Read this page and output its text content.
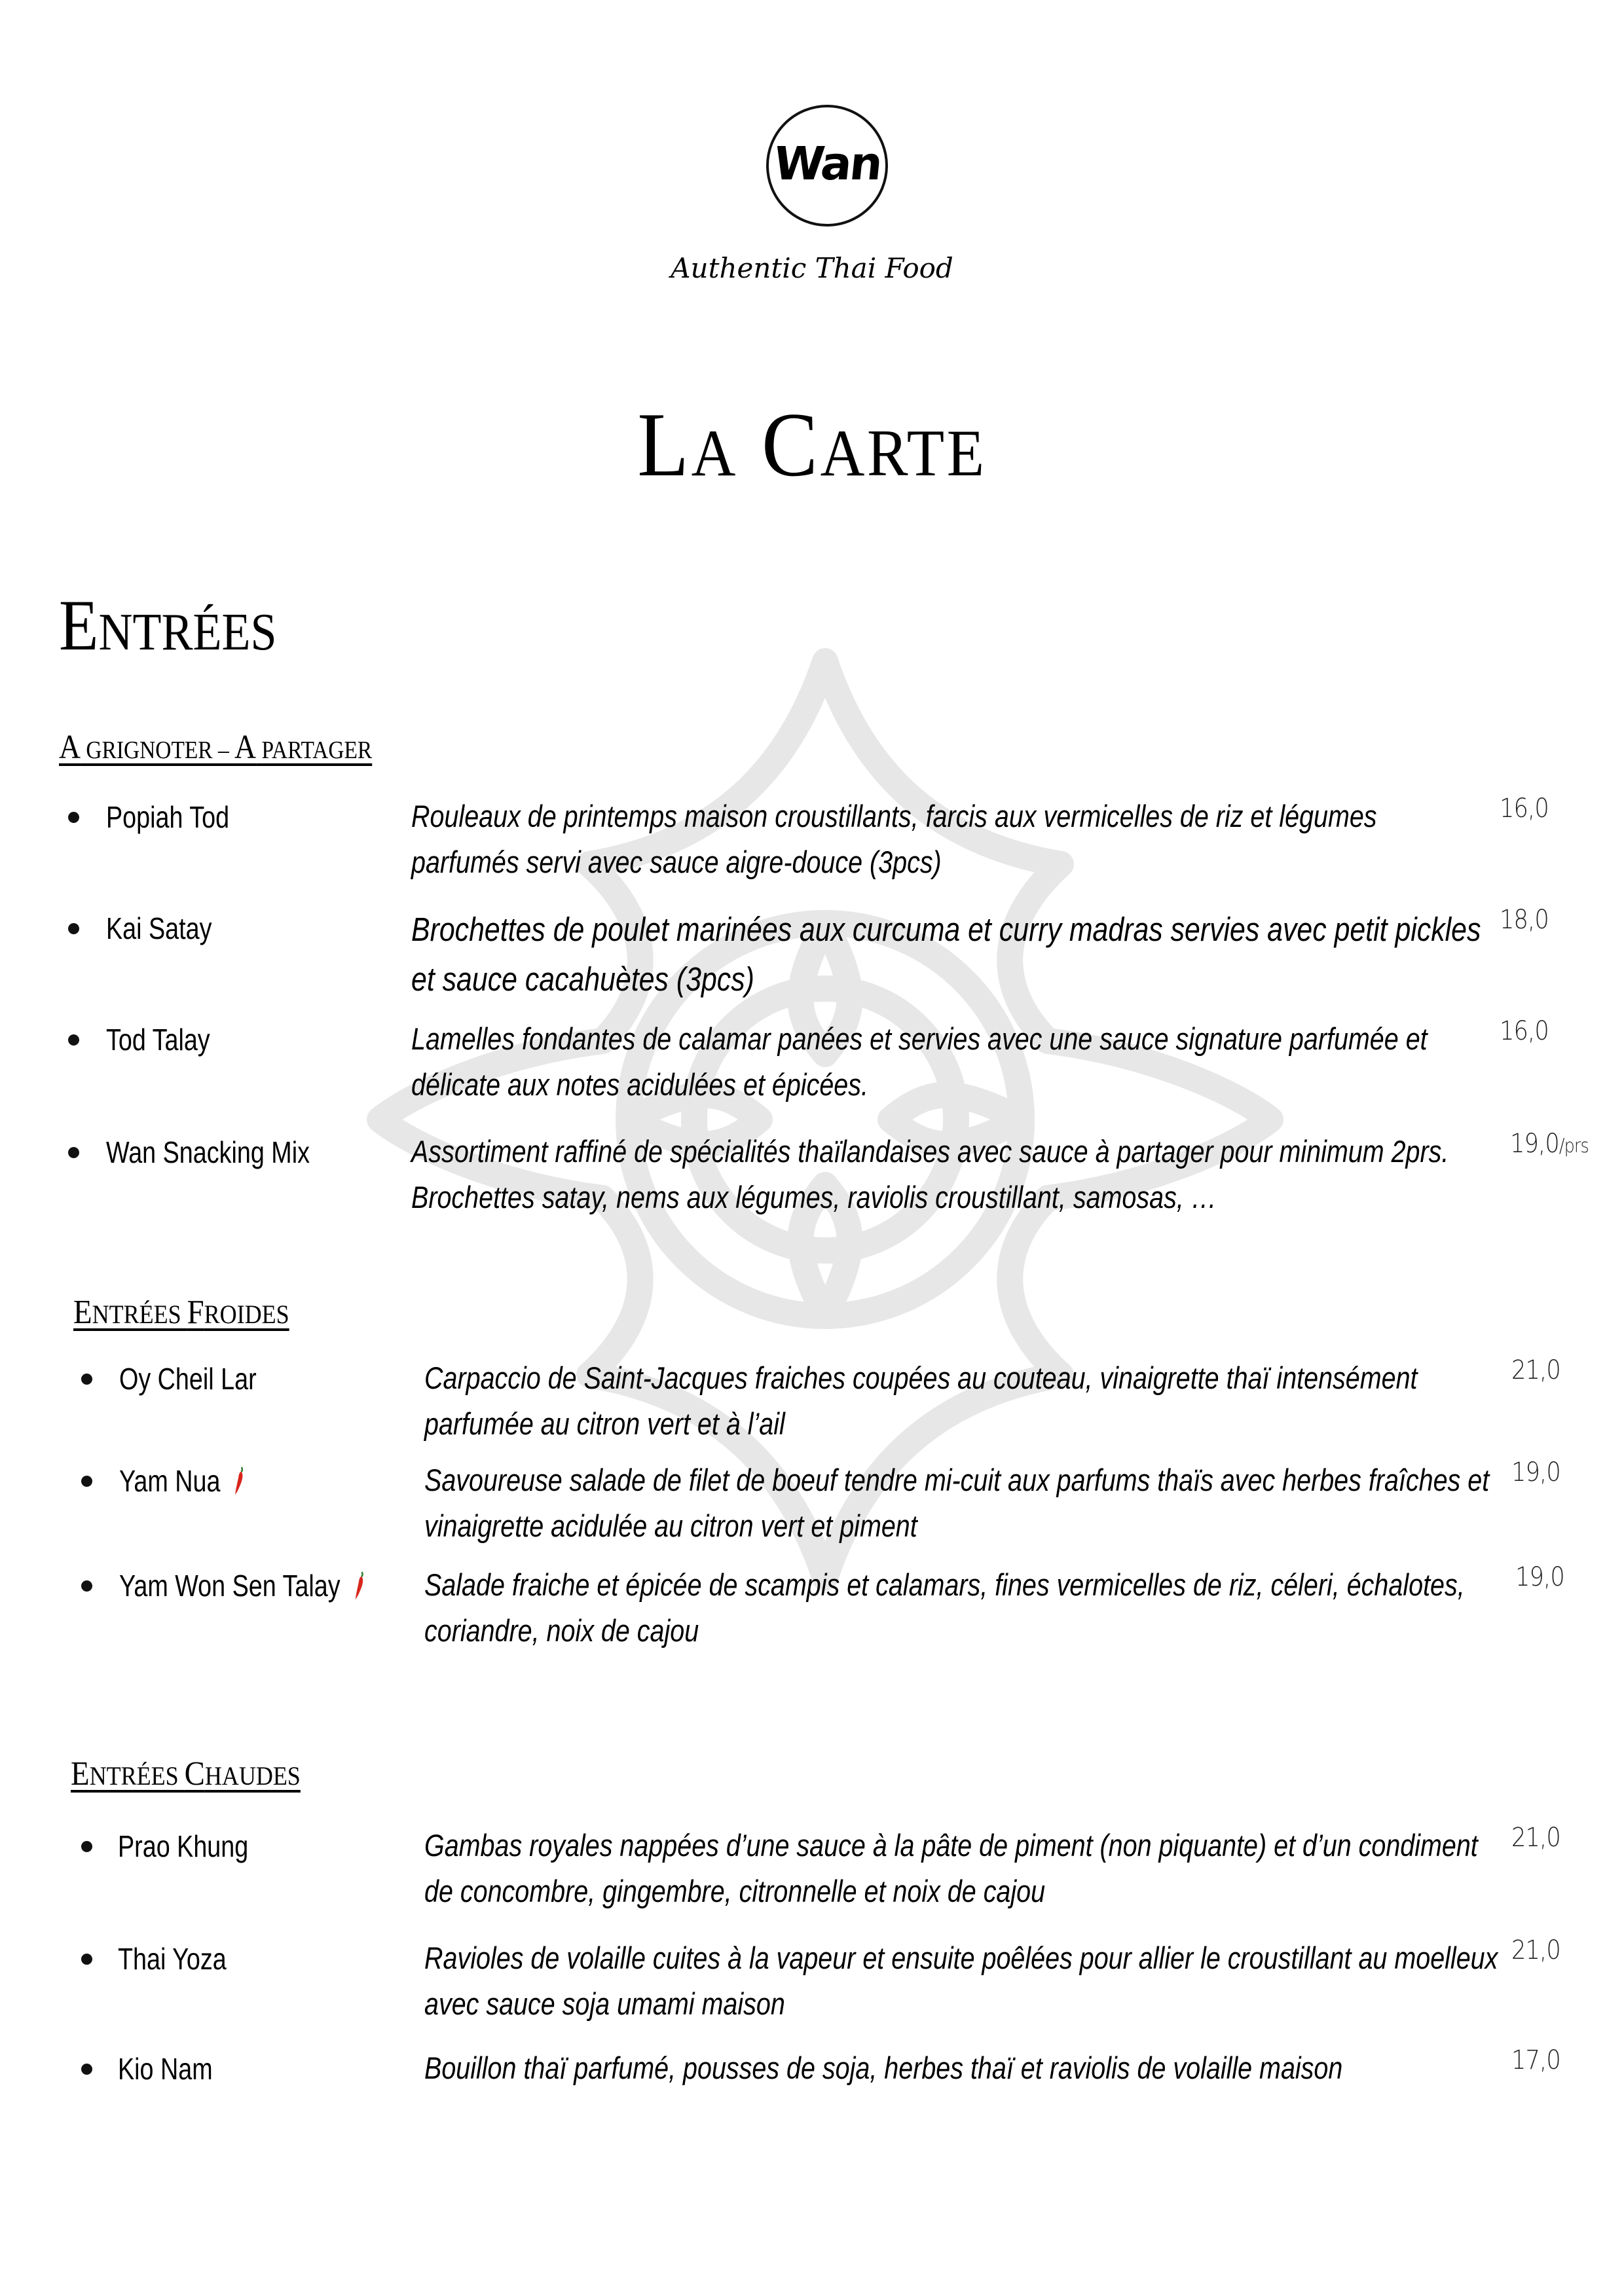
Wan
Authentic Thai Food
LA CARTE
ENTRÉES
A GRIGNOTER – A PARTAGER
ENTRÉES FROIDES
ENTRÉES CHAUDES
Popiah Tod	Rouleaux de printemps maison croustillants, farcis aux vermicelles de riz et légumes
parfumés servi avec sauce aigre-douce (3pcs)
16,0
Kai Satay	Brochettes de poulet marinées aux curcuma et curry madras servies avec petit pickles
et sauce cacahuètes (3pcs)
18,0
Tod Talay	Lamelles fondantes de calamar panées et servies avec une sauce signature parfumée et
délicate aux notes acidulées et épicées.
16,0
Wan Snacking Mix	Assortiment raffiné de spécialités thaïlandaises avec sauce à partager pour minimum 2prs.
Brochettes satay, nems aux légumes, raviolis croustillant, samosas, …
19,0/prs
Oy Cheil Lar	Carpaccio de Saint-Jacques fraiches coupées au couteau, vinaigrette thaï intensément
parfumée au citron vert et à l’ail
21,0
Yam Nua	Savoureuse salade de filet de boeuf tendre mi-cuit aux parfums thaïs avec herbes fraîches et
vinaigrette acidulée au citron vert et piment
19,0
Yam Won Sen Talay	Salade fraiche et épicée de scampis et calamars, fines vermicelles de riz, céleri, échalotes,
coriandre, noix de cajou
19,0
Prao Khung	Gambas royales nappées d’une sauce à la pâte de piment (non piquante) et d’un condiment
de concombre, gingembre, citronnelle et noix de cajou
21,0
Thai Yoza	Ravioles de volaille cuites à la vapeur et ensuite poêlées pour allier le croustillant au moelleux
avec sauce soja umami maison
21,0
Kio Nam	Bouillon thaï parfumé, pousses de soja, herbes thaï et raviolis de volaille maison	17,0
